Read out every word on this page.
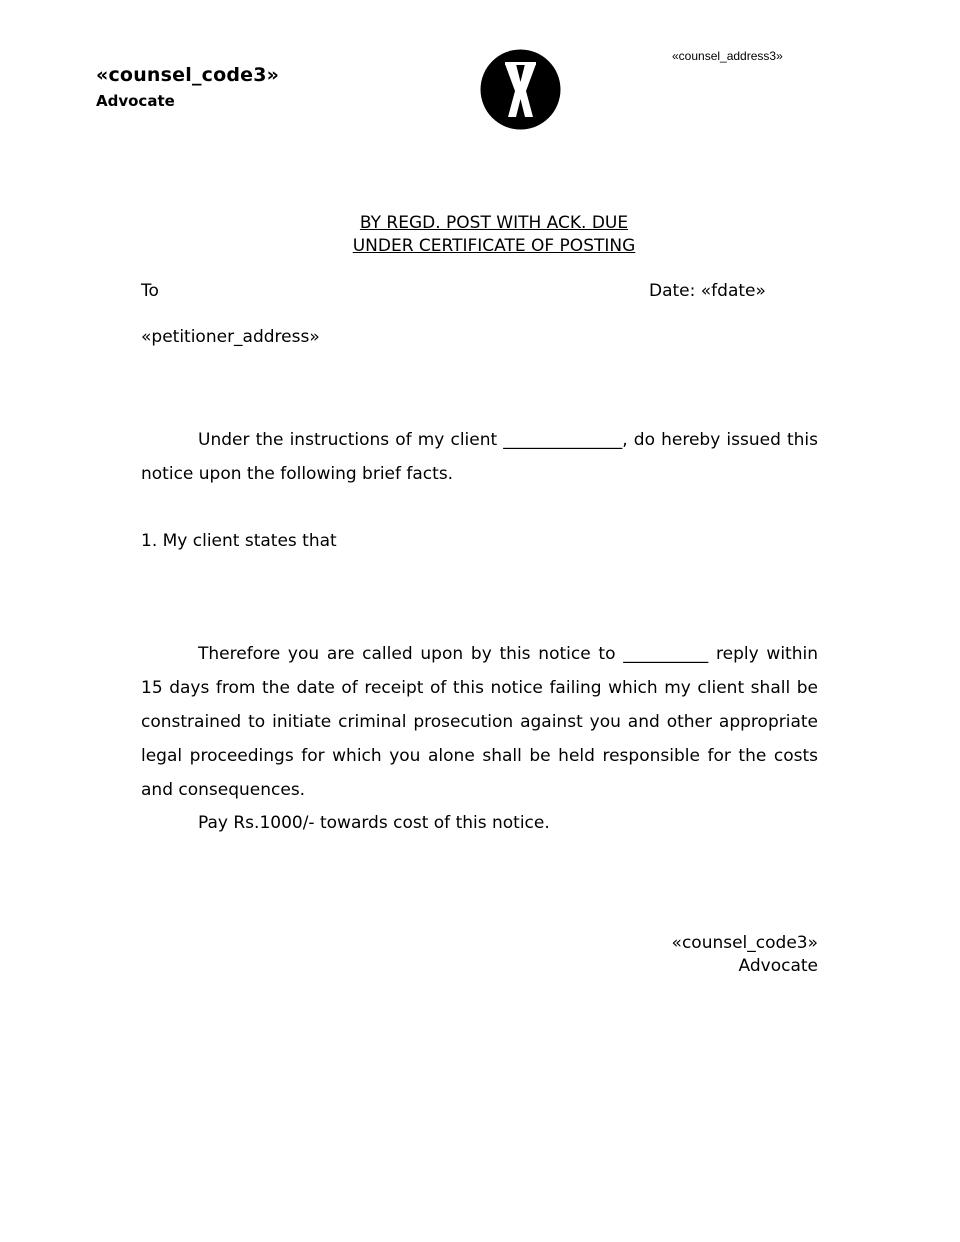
«counsel_code3»
Advocate
«counsel_address3»
BY REGD. POST WITH ACK. DUE
UNDER CERTIFICATE OF POSTING
To	Date: «fdate»
«petitioner_address»

Under the instructions of my client ______________, do hereby issued this notice upon the following brief facts.

1. My client states that

Therefore you are called upon by this notice to __________ reply within 15 days from the date of receipt of this notice failing which my client shall be constrained to initiate criminal prosecution against you and other appropriate legal proceedings for which you alone shall be held responsible for the costs and consequences.

Pay Rs.1000/- towards cost of this notice.
«counsel_code3»
Advocate
